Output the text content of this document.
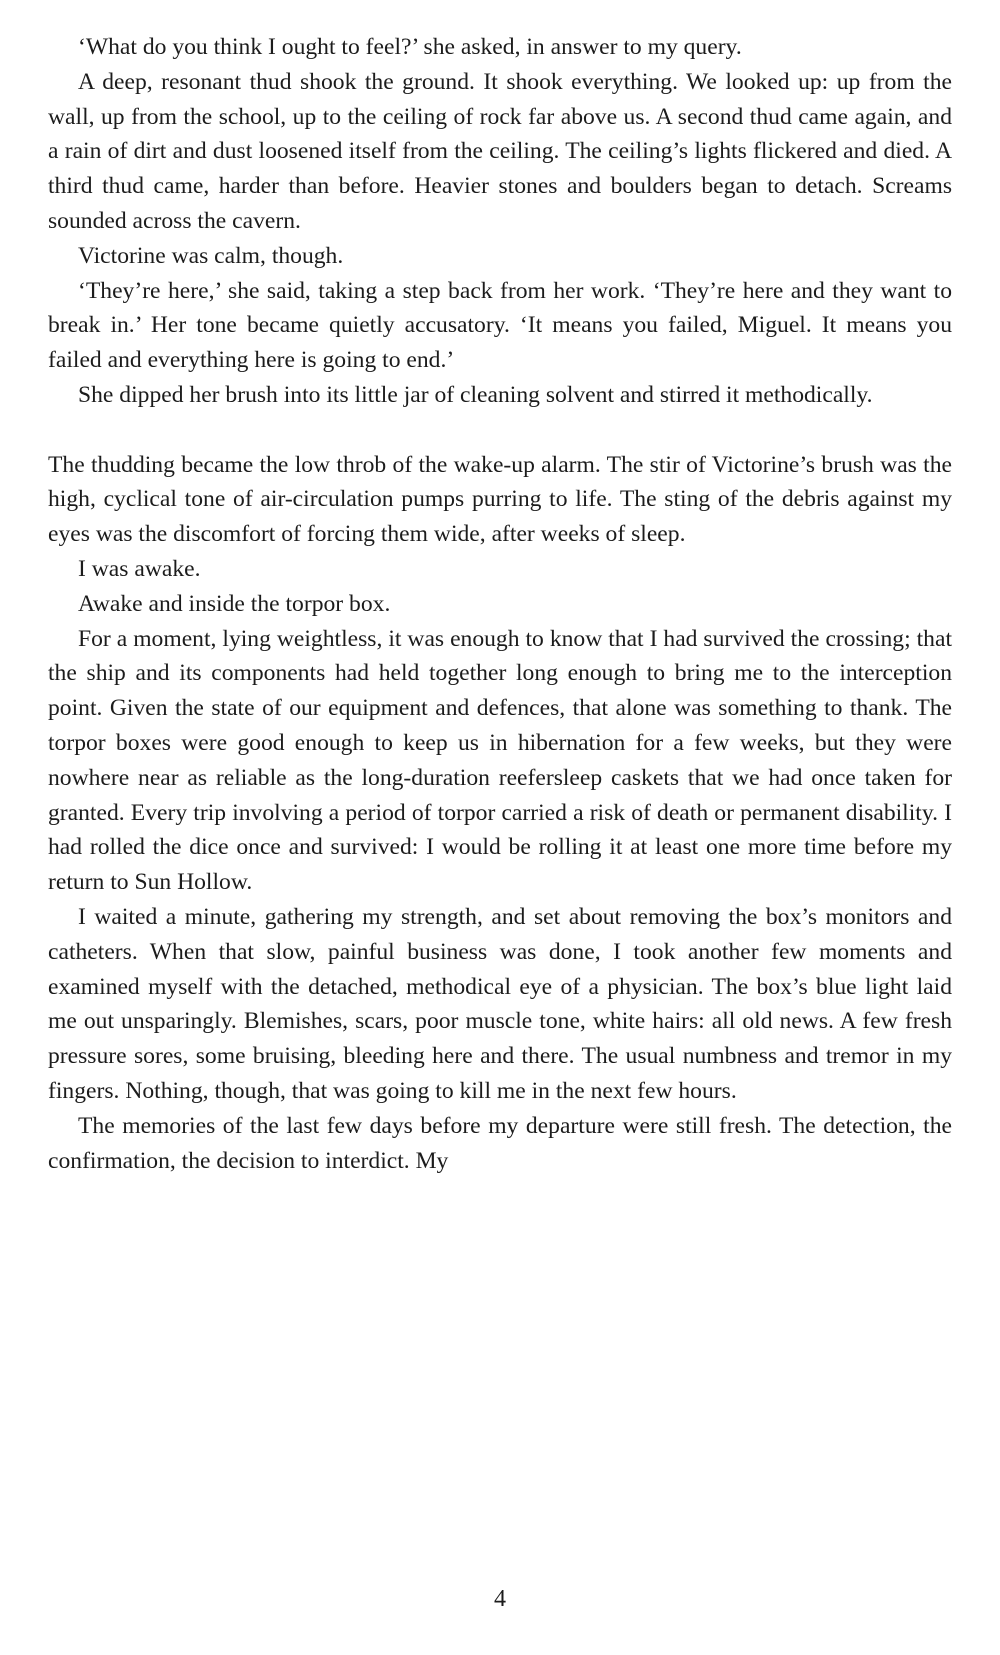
‘What do you think I ought to feel?’ she asked, in answer to my query.

A deep, resonant thud shook the ground. It shook everything. We looked up: up from the wall, up from the school, up to the ceiling of rock far above us. A second thud came again, and a rain of dirt and dust loosened itself from the ceiling. The ceiling’s lights flickered and died. A third thud came, harder than before. Heavier stones and boulders began to detach. Screams sounded across the cavern.

Victorine was calm, though.

‘They’re here,’ she said, taking a step back from her work. ‘They’re here and they want to break in.’ Her tone became quietly accusatory. ‘It means you failed, Miguel. It means you failed and everything here is going to end.’

She dipped her brush into its little jar of cleaning solvent and stirred it methodically.

The thudding became the low throb of the wake-up alarm. The stir of Victorine’s brush was the high, cyclical tone of air-circulation pumps purring to life. The sting of the debris against my eyes was the discomfort of forcing them wide, after weeks of sleep.

I was awake.

Awake and inside the torpor box.

For a moment, lying weightless, it was enough to know that I had survived the crossing; that the ship and its components had held together long enough to bring me to the interception point. Given the state of our equipment and defences, that alone was something to thank. The torpor boxes were good enough to keep us in hibernation for a few weeks, but they were nowhere near as reliable as the long-duration reefersleep caskets that we had once taken for granted. Every trip involving a period of torpor carried a risk of death or permanent disability. I had rolled the dice once and survived: I would be rolling it at least one more time before my return to Sun Hollow.

I waited a minute, gathering my strength, and set about removing the box’s monitors and catheters. When that slow, painful business was done, I took another few moments and examined myself with the detached, methodical eye of a physician. The box’s blue light laid me out unsparingly. Blemishes, scars, poor muscle tone, white hairs: all old news. A few fresh pressure sores, some bruising, bleeding here and there. The usual numbness and tremor in my fingers. Nothing, though, that was going to kill me in the next few hours.

The memories of the last few days before my departure were still fresh. The detection, the confirmation, the decision to interdict. My

4
